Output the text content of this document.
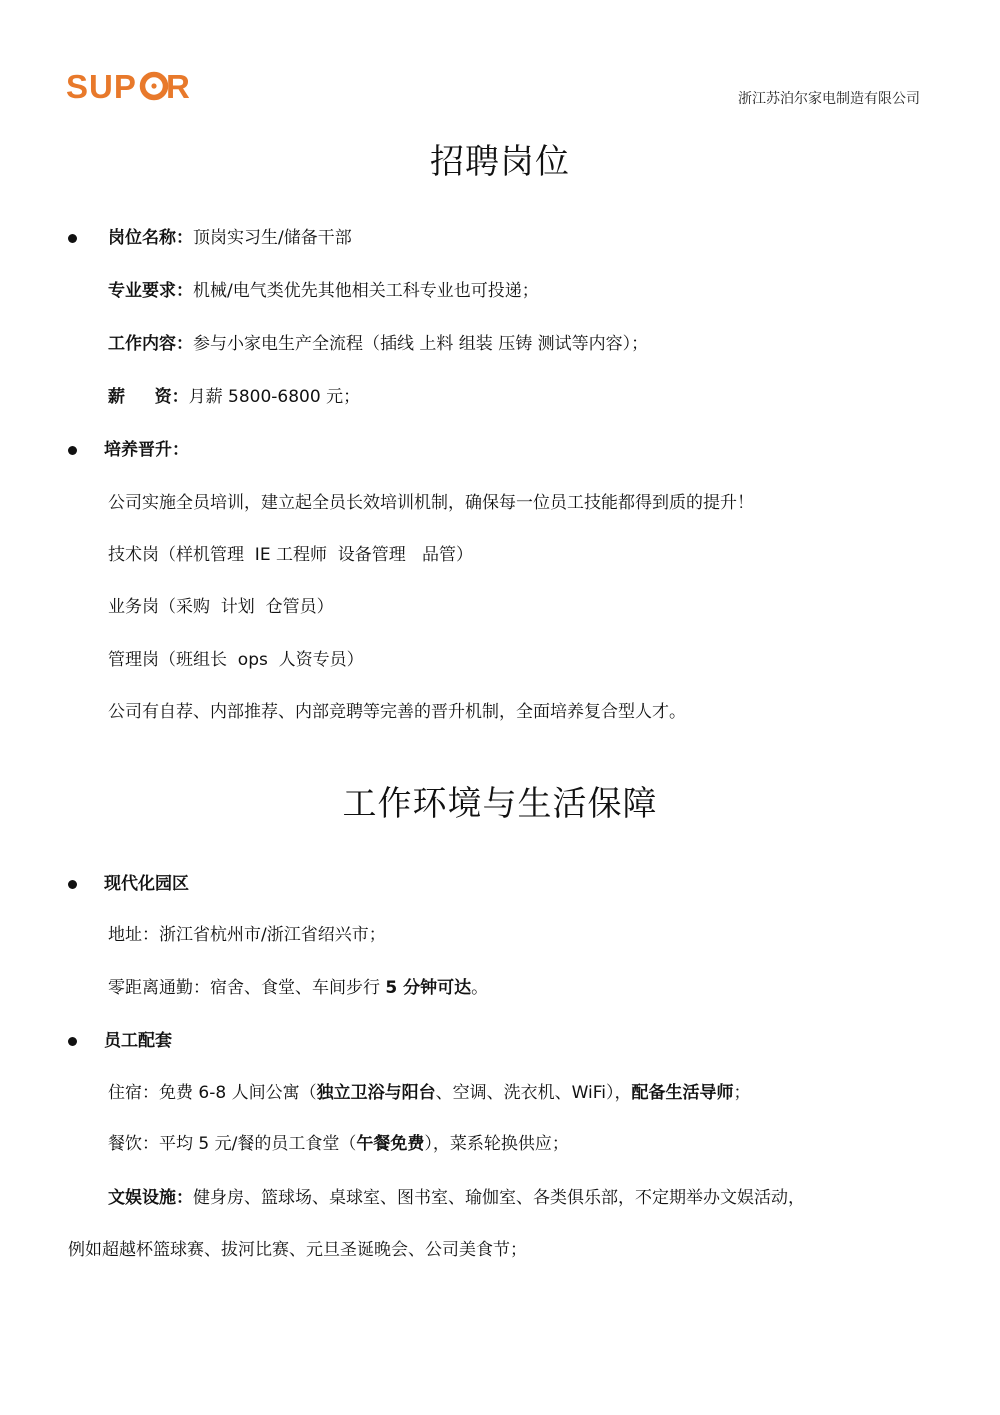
SUP R	浙江苏泊尔家电制造有限公司
招聘岗位
岗位名称：顶岗实习生/储备干部
专业要求：机械/电气类优先其他相关工科专业也可投递；
工作内容：参与小家电生产全流程（插线 上料 组装 压铸 测试等内容）；
薪     资：月薪 5800-6800 元；
培养晋升：
公司实施全员培训，建立起全员长效培训机制，确保每一位员工技能都得到质的提升！
技术岗（样机管理  IE 工程师  设备管理   品管）
业务岗（采购  计划  仓管员）
管理岗（班组长  ops  人资专员）
公司有自荐、内部推荐、内部竞聘等完善的晋升机制，全面培养复合型人才。
工作环境与生活保障
现代化园区
地址：浙江省杭州市/浙江省绍兴市；
零距离通勤：宿舍、食堂、车间步行 5 分钟可达。
员工配套
住宿：免费 6-8 人间公寓（独立卫浴与阳台、空调、洗衣机、WiFi），配备生活导师；
餐饮：平均 5 元/餐的员工食堂（午餐免费），菜系轮换供应；
文娱设施：健身房、篮球场、桌球室、图书室、瑜伽室、各类俱乐部，不定期举办文娱活动，
例如超越杯篮球赛、拔河比赛、元旦圣诞晚会、公司美食节；
